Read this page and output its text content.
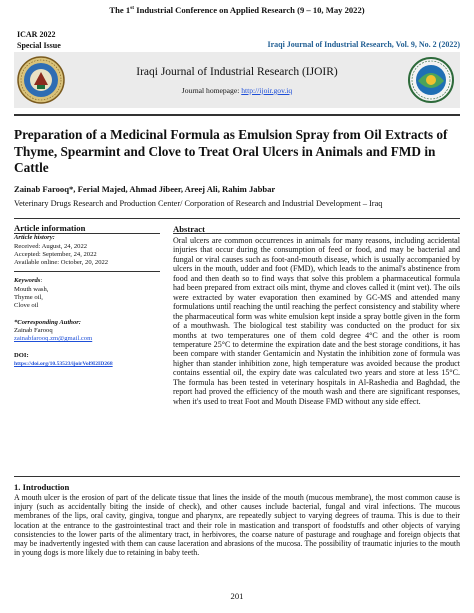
The 1st Industrial Conference on Applied Research (9 – 10, May 2022)
ICAR 2022
Special Issue	Iraqi Journal of Industrial Research, Vol. 9, No. 2 (2022)
Iraqi Journal of Industrial Research (IJOIR)
Journal homepage: http://ijoir.gov.iq
Preparation of a Medicinal Formula as Emulsion Spray from Oil Extracts of Thyme, Spearmint and Clove to Treat Oral Ulcers in Animals and FMD in Cattle
Zainab Farooq*, Ferial Majed, Ahmad Jibeer, Areej Ali, Rahim Jabbar
Veterinary Drugs Research and Production Center/ Corporation of Research and Industrial Development – Iraq
Article information
Article history:
Received: August, 24, 2022
Accepted: September, 24, 2022
Available online: October, 20, 2022
Keywords:
Mouth wash,
Thyme oil,
Clove oil
*Corresponding Author:
Zainab Farooq
zainabfarooq.zm@gmail.com
DOI:
https://doi.org/10.53523/ijoirVol9I2ID268
Abstract

Oral ulcers are common occurrences in animals for many reasons, including accidental injuries that occur during the consumption of feed or food, and may be bacterial and fungal or viral causes such as foot-and-mouth disease, which is usually accompanied by ulcers in the mouth, udder and foot (FMD), which leads to the animal's abstinence from food and then death so to find ways that solve this problem a pharmaceutical formula had been prepared from extract oils mint, thyme and cloves called it (mint vet). The oils were extracted by water evaporation then examined by GC-MS and attended many formulations until reaching the until reaching the perfect consistency and stability where the pharmaceutical form was white emulsion kept inside a spray bottle given in the form of a mouthwash. The biological test stability was conducted on the product for six months at two temperatures one of them cold degree 4°C and the other is room temperature 25°C to determine the expiration date and the best storage conditions, it has been compare with stander Gentamicin and Nystatin the inhibition zone of formula was higher than stander inhibition zone, high temperature was avoided because the product contains essential oil, the expiry date was calculated two years and store at less 15°C. The formula has been tested in veterinary hospitals in Al-Rashedia and Baghdad, the report had proved the efficiency of the mouth wash and there are significant responses, when it's used to treat Foot and Mouth Disease FMD without any side effect.

1. Introduction

A mouth ulcer is the erosion of part of the delicate tissue that lines the inside of the mouth (mucous membrane), the most common cause is injury (such as accidentally biting the inside of check), and other causes include bacterial, fungal and viral infections. The mucous membranes of the lips, oral cavity, gingiva, tongue and pharynx, are repeatedly subject to varying degrees of trauma. This is due to their location at the entrance to the gastrointestinal tract and their role in mastication and transport of foodstuffs and other objects of varying consistencies to the lower parts of the alimentary tract, in herbivores, the coarse nature of pasturage and roughage and foreign objects that may be inadvertently ingested with them can cause laceration and abrasions of the mucosa. The possibility of traumatic injuries to the mouth in young dogs is more likely due to retaining in baby teeth.

201
